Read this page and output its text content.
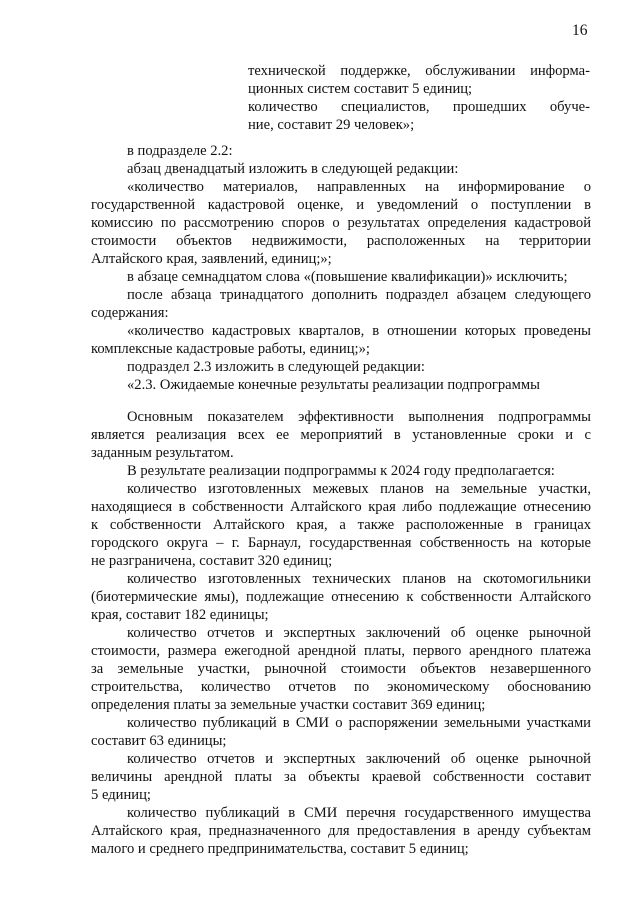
16
технической поддержке, обслуживании информа-
ционных систем составит 5 единиц;
количество специалистов, прошедших обуче-
ние, составит 29 человек»;
в подразделе 2.2:
абзац двенадцатый изложить в следующей редакции:
«количество материалов, направленных на информирование о
государственной кадастровой оценке, и уведомлений о поступлении в
комиссию по рассмотрению споров о результатах определения кадастровой
стоимости объектов недвижимости, расположенных на территории
Алтайского края, заявлений, единиц;»;
в абзаце семнадцатом слова «(повышение квалификации)» исключить;
после абзаца тринадцатого дополнить подраздел абзацем следующего
содержания:
«количество кадастровых кварталов, в отношении которых проведены
комплексные кадастровые работы, единиц;»;
подраздел 2.3 изложить в следующей редакции:
«2.3. Ожидаемые конечные результаты реализации подпрограммы
Основным показателем эффективности выполнения подпрограммы
является реализация всех ее мероприятий в установленные сроки и с
заданным результатом.
В результате реализации подпрограммы к 2024 году предполагается:
количество изготовленных межевых планов на земельные участки,
находящиеся в собственности Алтайского края либо подлежащие отнесению
к собственности Алтайского края, а также расположенные в границах
городского округа – г. Барнаул, государственная собственность на которые
не разграничена, составит 320 единиц;
количество изготовленных технических планов на скотомогильники
(биотермические ямы), подлежащие отнесению к собственности Алтайского
края, составит 182 единицы;
количество отчетов и экспертных заключений об оценке рыночной
стоимости, размера ежегодной арендной платы, первого арендного платежа
за земельные участки, рыночной стоимости объектов незавершенного
строительства, количество отчетов по экономическому обоснованию
определения платы за земельные участки составит 369 единиц;
количество публикаций в СМИ о распоряжении земельными участками
составит 63 единицы;
количество отчетов и экспертных заключений об оценке рыночной
величины арендной платы за объекты краевой собственности составит
5 единиц;
количество публикаций в СМИ перечня государственного имущества
Алтайского края, предназначенного для предоставления в аренду субъектам
малого и среднего предпринимательства, составит 5 единиц;
